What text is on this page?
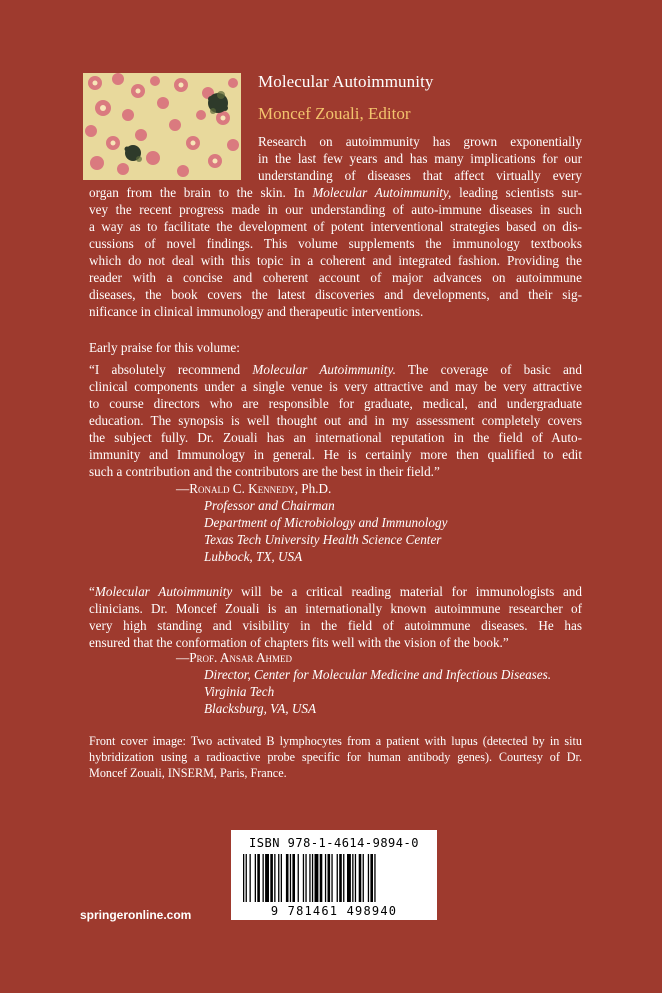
Molecular Autoimmunity
Moncef Zouali, Editor
Research on autoimmunity has grown exponentially
in the last few years and has many implications for our
understanding of diseases that affect virtually every
organ from the brain to the skin. In Molecular Autoimmunity, leading scientists sur-
vey the recent progress made in our understanding of auto-immune diseases in such
a way as to facilitate the development of potent interventional strategies based on dis-
cussions of novel findings. This volume supplements the immunology textbooks
which do not deal with this topic in a coherent and integrated fashion. Providing the
reader with a concise and coherent account of major advances on autoimmune
diseases, the book covers the latest discoveries and developments, and their sig-
nificance in clinical immunology and therapeutic interventions.
Early praise for this volume:
“I absolutely recommend Molecular Autoimmunity. The coverage of basic and
clinical components under a single venue is very attractive and may be very attractive
to course directors who are responsible for graduate, medical, and undergraduate
education. The synopsis is well thought out and in my assessment completely covers
the subject fully. Dr. Zouali has an international reputation in the field of Auto-
immunity and Immunology in general. He is certainly more then qualified to edit
such a contribution and the contributors are the best in their field.”
—Ronald C. Kennedy, Ph.D.
Professor and Chairman
Department of Microbiology and Immunology
Texas Tech University Health Science Center
Lubbock, TX, USA
“Molecular Autoimmunity will be a critical reading material for immunologists and
clinicians. Dr. Moncef Zouali is an internationally known autoimmune researcher of
very high standing and visibility in the field of autoimmune diseases. He has
ensured that the conformation of chapters fits well with the vision of the book.”
—Prof. Ansar Ahmed
Director, Center for Molecular Medicine and Infectious Diseases.
Virginia Tech
Blacksburg, VA, USA
Front cover image: Two activated B lymphocytes from a patient with lupus (detected by in situ
hybridization using a radioactive probe specific for human antibody genes). Courtesy of Dr.
Moncef Zouali, INSERM, Paris, France.
ISBN 978-1-4614-9894-0
9 781461 498940
springeronline.com
